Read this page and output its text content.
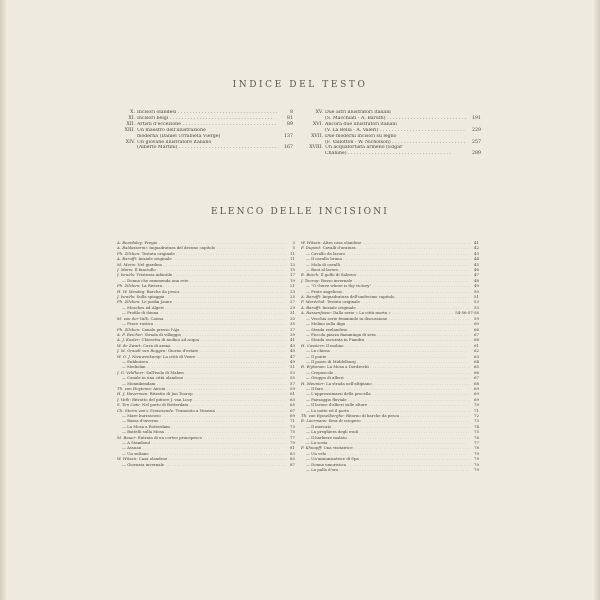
INDICE DEL TESTO
X. Incisori olandesi . . .	8
XI. Incisori belgi . . .	81
XII. Artisti d'eccezione . . .	89
XIII. Un maestro dell'illustrazione
moderna (Daniel Urrabieta Vierge)	137
XIV. Un giovane illustratore italiano
(Alberto Martini) . . .	167
XV. Due altri illustratori italiani
(S. Macchiati - A. Baruffi) . . .	191
XVI. Ancora due illustratori italiani
(V. La Bella - A. Valeri) . . .	229
XVII. Due moderni incisori su legno
(F. Vallotton - W. Nicholson) . . .	257
XVIII. Un acquafortista armeno (Edgar
Chahine) . . .	289
ELENCO DELLE INCISIONI
A. Beardsley: Fregio . . .	3
A. Baldassarini: Inquadratura del decimo capitolo . . .	5
Ph. Zilcken: Testata originale . . .	11
A. Baruffi: Iniziale originale . . .	11
M. Maris: Nel giardino . . .	13
J. Maris: Il fanciullo . . .	15
J. Israëls: Tristezza infantile . . .	17
— Donna che rammenda una rete . . .	19
Ph. Zilcken: La Riviera . . .	21
H. W. Mesdag: Barche da pesca . . .	23
J. Israëls: Sulla spiaggia . . .	25
Ph. Zilcken: Le jardin Jaune . . .	27
— Mosches ad Algeri . . .	29
— Profilo di donna . . .	31
M. van der Valk: Caissa . . .	33
— Pesce rustico . . .	35
Ph. Zilcken: Canale presso l'Aja . . .	37
A. F. Reicher: Strada di villaggio . . .	39
A. J. Kaster: Chiesetta di mulino ad acqua . . .	41
W. de Zwart: Cava di arena . . .	43
J. M. Graadt van Roggen: Giorno d'estate . . .	45
W. O. J. Nieuwenkamp: La città di Veere . . .	47
— Enkhuizen . . .	49
— Mediolan . . .	51
J. G. Veldheer: Sull'isola di Maken . . .	53
— Canale in una città olandese . . .	55
— Monnikendam . . .	57
Th. van Hoytema: Aironi . . .	59
H. J. Haverman: Ritratto di Jan Toorop . . .	61
J. Veth: Ritratto del pittore J. van Looy . . .	63
S. Ten Cate: Nel porto di Rotterdam . . .	65
Ch. Storm van's Gravesande: Tramonto a Venezia . . .	67
— Mare burrascoso . . .	69
— Bassa d'inverno . . .	71
— La Mosa a Rotterdam . . .	73
— Battelli sulla Mosa . . .	75
M. Bauer: Entrata di un corteo principesco . . .	77
— A Stamboul . . .	79
— Assuan . . .	81
— Un sultano . . .	83
W. Witsen: Casa olandese . . .	85
— Giornata invernale . . .	87
W. Witsen: Altra casa olandese . . .	41
F. Dupont: Cavalli d'aratura . . .	42
— Cavallo da lavoro . . .	43
— Il cavallo bruno . . .	44
— Mola di cavalli . . .	45
— Buoi al lavoro . . .	46
E. Bosch: Il golfo di Salerno . . .	47
J. Toorop: Rosso invernale . . .	48
— "O Grave where is thy victory" . . .	49
— Frate angelicus . . .	50
A. Baruffi: Inquadratura dell'undecimo capitolo . . .	51
F. Maréchal: Testata originale . . .	53
A. Baruffi: Iniziale originale . . .	53
A. Rassenfosse: Dalla serie « La città morta » . . .	54-56-57-58
— Vecchia serie femminile in discussione . . .	59
— Molino sulla diga . . .	60
— Strada zeelandese . . .	66
— Piccola piazza fiamminga di sera . . .	67
— Strada oscurata in Fiandra . . .	68
H. Cassiers: Il molino . . .	61
— La chiesa . . .	62
— Il ponte . . .	63
— Il pozzo di Middelburg . . .	64
R. Wytsman: La Mosa a Dordrecht . . .	65
— Crepuscolo . . .	66
— Gruppo di alberi . . .	67
H. Meunier: La strada nell'altipiano . . .	68
— Il faro . . .	69
— L'approssimarsi della procella . . .	69
— Paesaggio fluviale . . .	69
— Il lavoro d'alberi sulle alture . . .	70
— La notte ed il porto . . .	71
Th. van Rysselberghe: Ritorno di barche da pesca . . .	72
E. Laermans: Sera di sciopero . . .	73
— Il mercato . . .	74
— La preghiera degli esuli . . .	75
— Il barbiere malato . . .	76
— La sosta . . .	77
F. Khnopff: Una visitatrice . . .	78
— Un velo . . .	79
— Un'annunziatrice di Spa . . .	79
— Donna umoristica . . .	79
— La palla d'oro . . .	79
